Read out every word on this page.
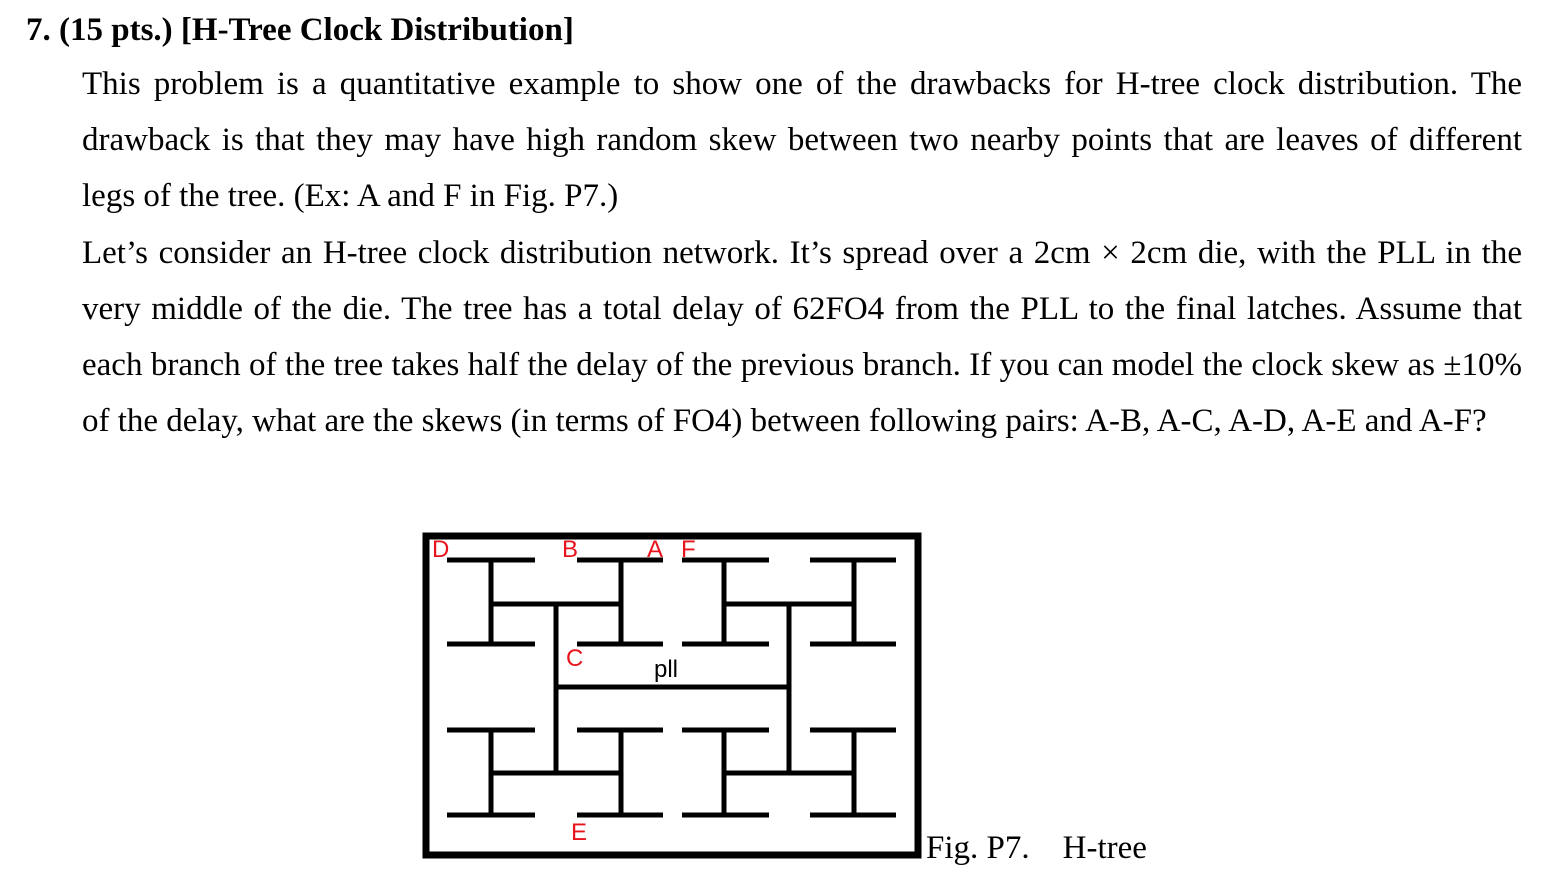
7. (15 pts.) [H-Tree Clock Distribution]
This problem is a quantitative example to show one of the drawbacks for H-tree clock distribution. The drawback is that they may have high random skew between two nearby points that are leaves of different legs of the tree. (Ex: A and F in Fig. P7.)
Let’s consider an H-tree clock distribution network. It’s spread over a 2cm × 2cm die, with the PLL in the very middle of the die. The tree has a total delay of 62FO4 from the PLL to the final latches. Assume that each branch of the tree takes half the delay of the previous branch. If you can model the clock skew as ±10% of the delay, what are the skews (in terms of FO4) between following pairs: A-B, A-C, A-D, A-E and A-F?
D	B	A F
C
E
pll
Fig. P7.    H-tree
